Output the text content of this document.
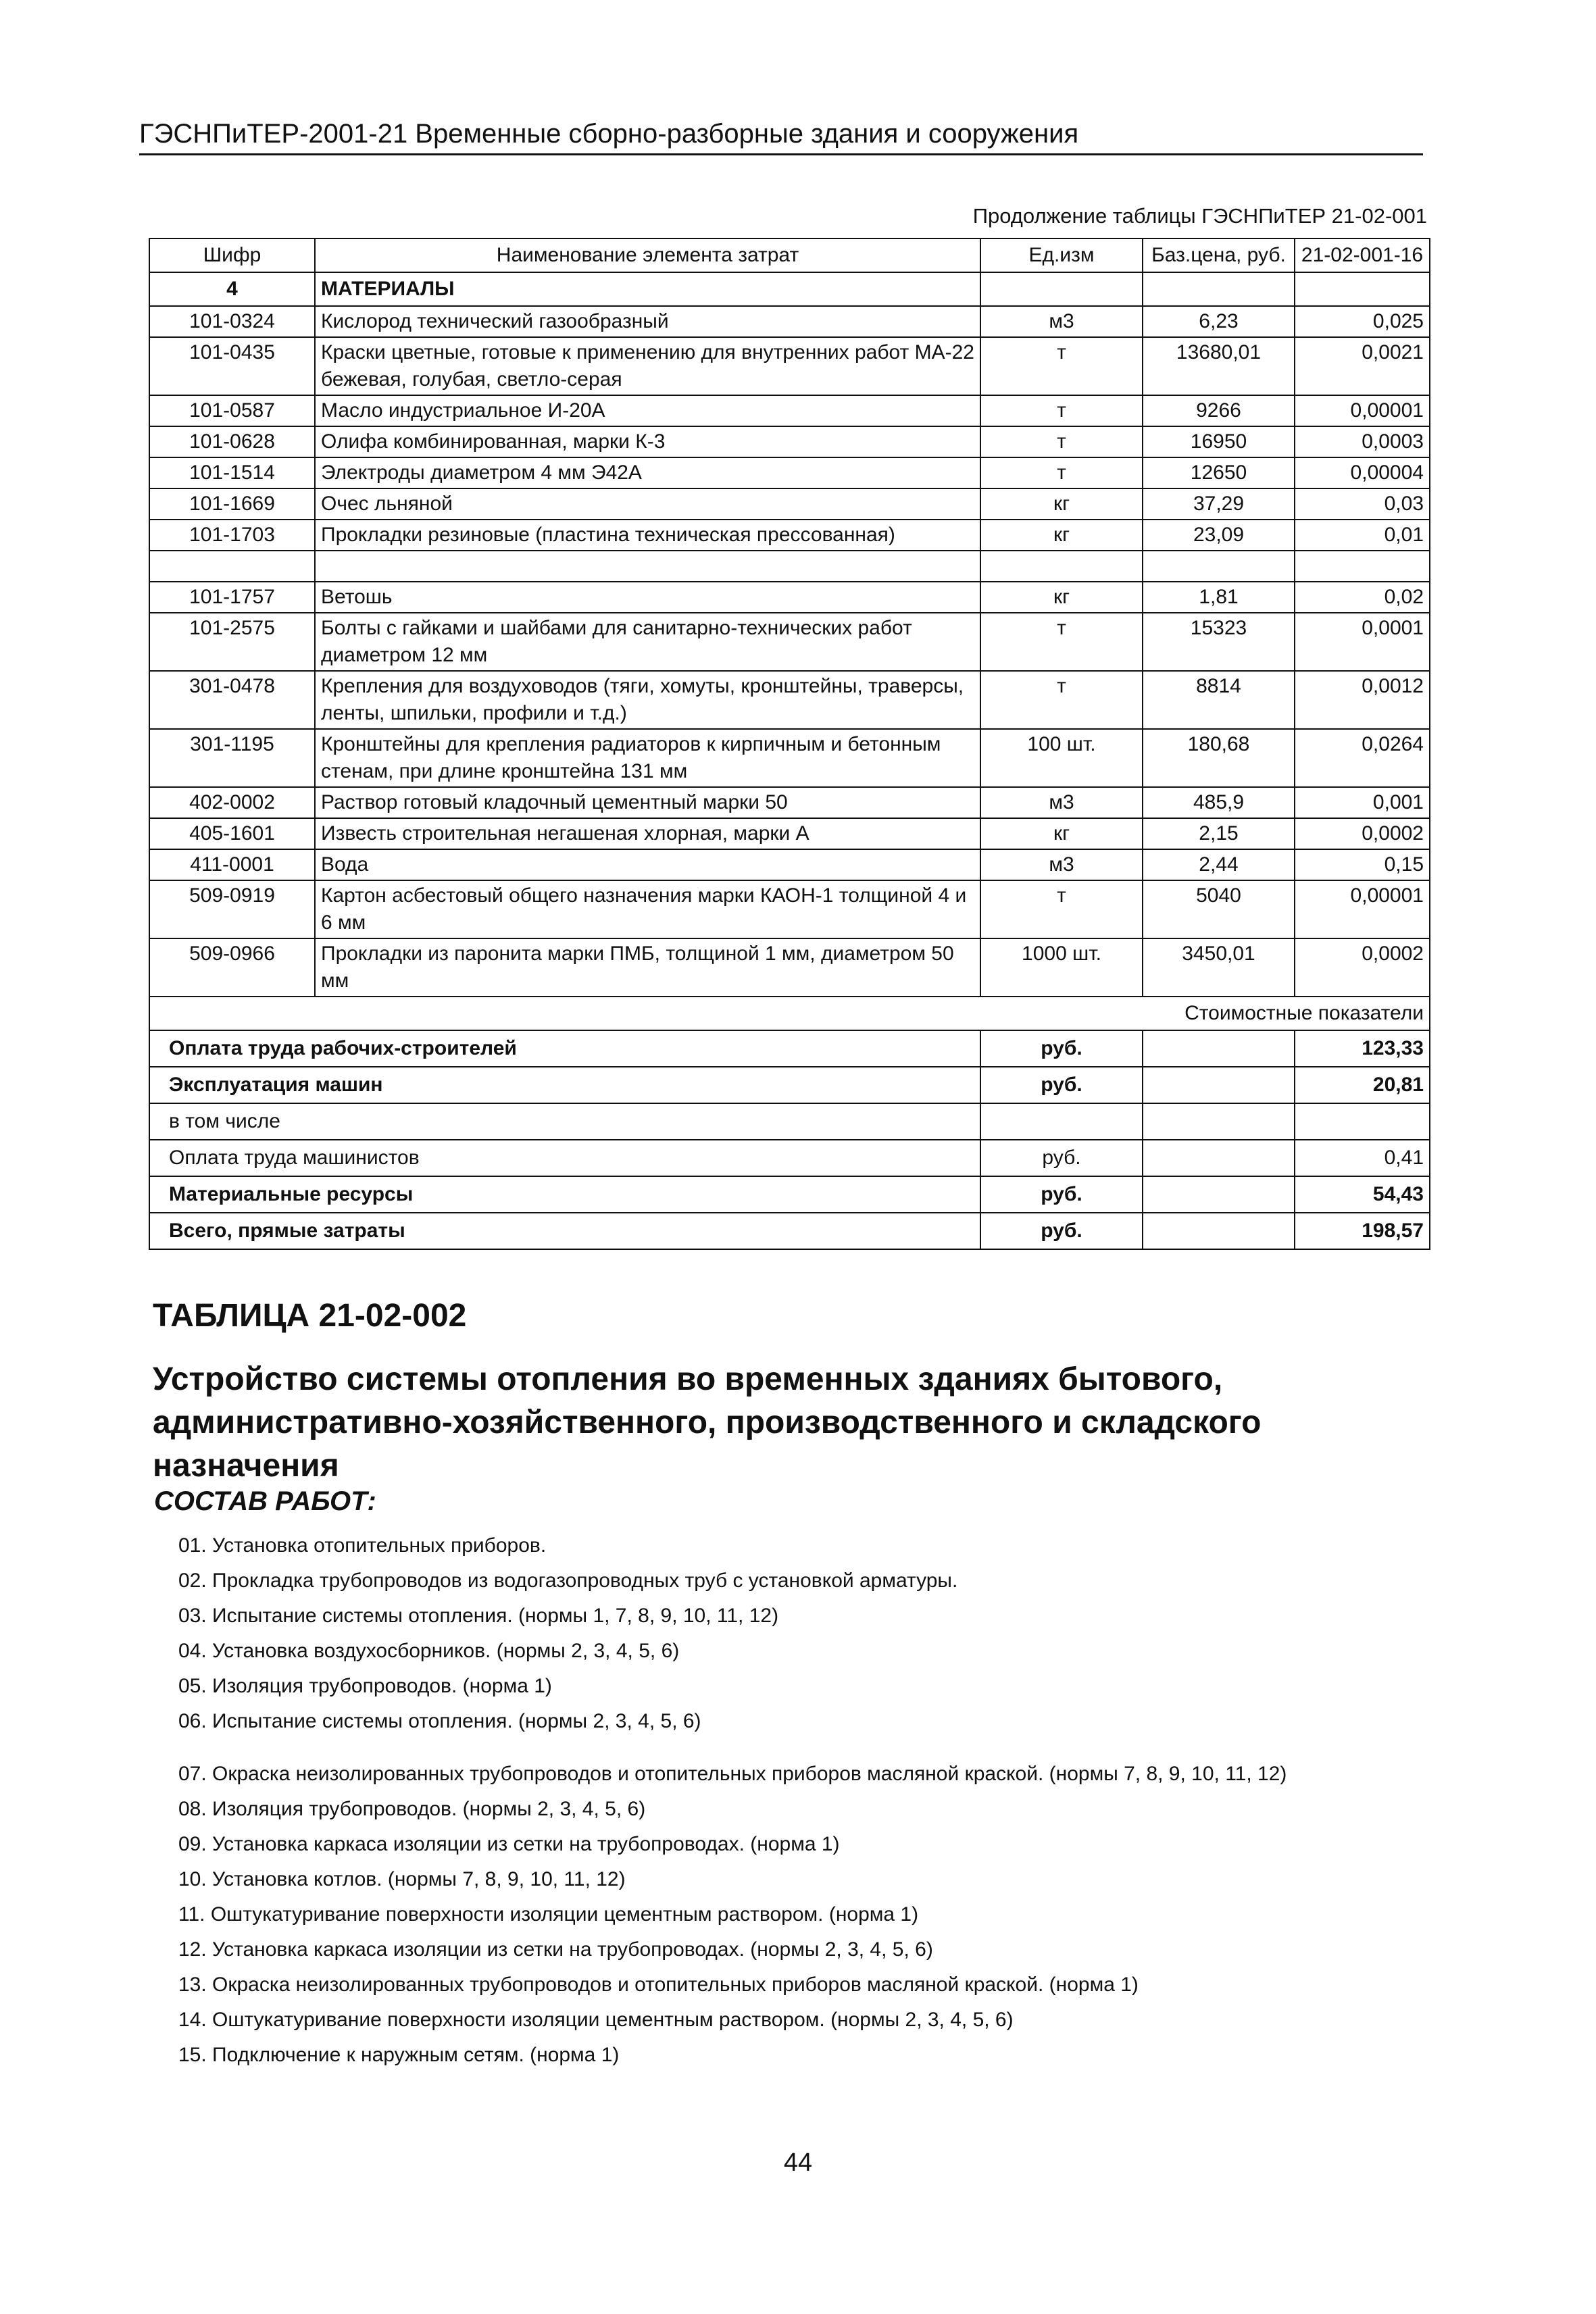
ГЭСНПиТЕР-2001-21 Временные сборно-разборные здания и сооружения
Продолжение таблицы ГЭСНПиТЕР 21-02-001
Шифр	Наименование элемента затрат	Ед.изм	Баз.цена, руб.	21-02-001-16
4	МАТЕРИАЛЫ			
101-0324	Кислород технический газообразный	м3	6,23	0,025
101-0435	Краски цветные, готовые к применению для внутренних работ МА-22 бежевая, голубая, светло-серая	т	13680,01	0,0021
101-0587	Масло индустриальное И-20А	т	9266	0,00001
101-0628	Олифа комбинированная, марки К-3	т	16950	0,0003
101-1514	Электроды диаметром 4 мм Э42А	т	12650	0,00004
101-1669	Очес льняной	кг	37,29	0,03
101-1703	Прокладки резиновые (пластина техническая прессованная)	кг	23,09	0,01

101-1757	Ветошь	кг	1,81	0,02
101-2575	Болты с гайками и шайбами для санитарно-технических работ диаметром 12 мм	т	15323	0,0001
301-0478	Крепления для воздуховодов (тяги, хомуты, кронштейны, траверсы, ленты, шпильки, профили и т.д.)	т	8814	0,0012
301-1195	Кронштейны для крепления радиаторов к кирпичным и бетонным стенам, при длине кронштейна 131 мм	100 шт.	180,68	0,0264
402-0002	Раствор готовый кладочный цементный марки 50	м3	485,9	0,001
405-1601	Известь строительная негашеная хлорная, марки А	кг	2,15	0,0002
411-0001	Вода	м3	2,44	0,15
509-0919	Картон асбестовый общего назначения марки КАОН-1 толщиной 4 и 6 мм	т	5040	0,00001
509-0966	Прокладки из паронита марки ПМБ, толщиной 1 мм, диаметром 50 мм	1000 шт.	3450,01	0,0002
Стоимостные показатели				
Оплата труда рабочих-строителей		руб.		123,33
Эксплуатация машин		руб.		20,81
в том числе				
Оплата труда машинистов		руб.		0,41
Материальные ресурсы		руб.		54,43
Всего, прямые затраты		руб.		198,57
ТАБЛИЦА 21-02-002
Устройство системы отопления во временных зданиях бытового, административно-хозяйственного, производственного и складского назначения
СОСТАВ РАБОТ:
01. Установка отопительных приборов.
02. Прокладка трубопроводов из водогазопроводных труб с установкой арматуры.
03. Испытание системы отопления. (нормы 1, 7, 8, 9, 10, 11, 12)
04. Установка воздухосборников. (нормы 2, 3, 4, 5, 6)
05. Изоляция трубопроводов. (норма 1)
06. Испытание системы отопления. (нормы 2, 3, 4, 5, 6)
07. Окраска неизолированных трубопроводов и отопительных приборов масляной краской. (нормы 7, 8, 9, 10, 11, 12)
08. Изоляция трубопроводов. (нормы 2, 3, 4, 5, 6)
09. Установка каркаса изоляции из сетки на трубопроводах. (норма 1)
10. Установка котлов. (нормы 7, 8, 9, 10, 11, 12)
11. Оштукатуривание поверхности изоляции цементным раствором. (норма 1)
12. Установка каркаса изоляции из сетки на трубопроводах. (нормы 2, 3, 4, 5, 6)
13. Окраска неизолированных трубопроводов и отопительных приборов масляной краской. (норма 1)
14. Оштукатуривание поверхности изоляции цементным раствором. (нормы 2, 3, 4, 5, 6)
15. Подключение к наружным сетям. (норма 1)
44
